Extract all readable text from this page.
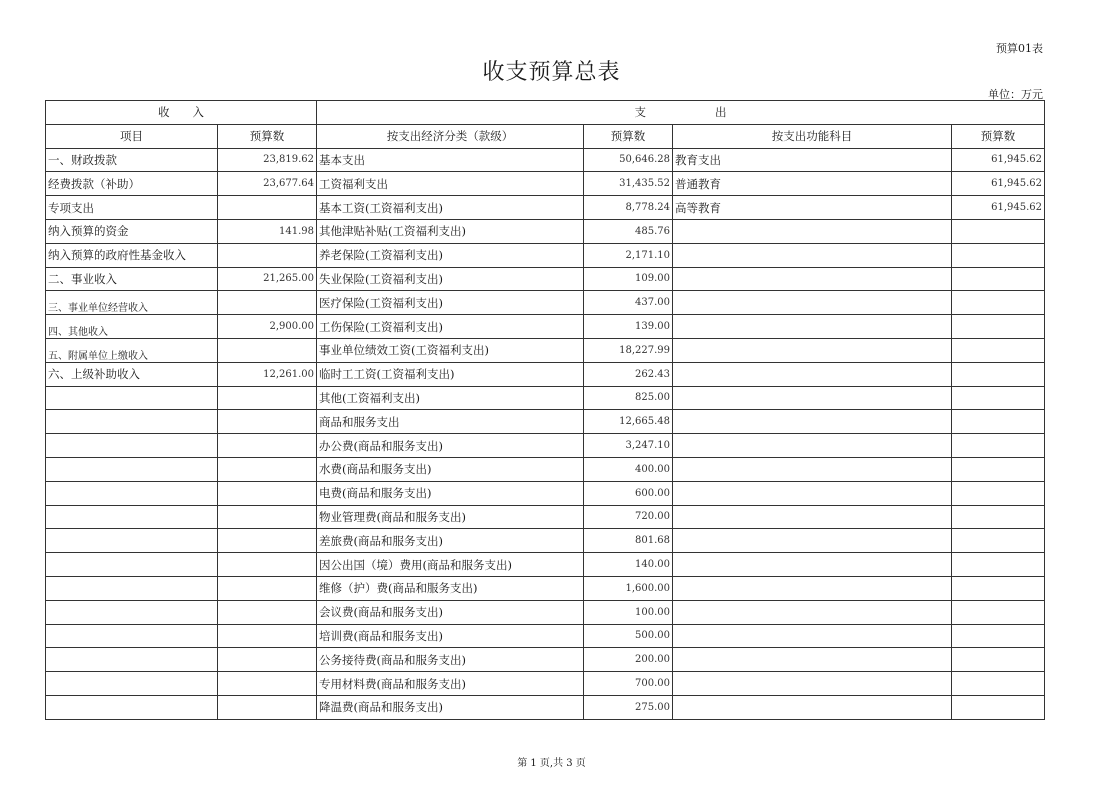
预算01表
收支预算总表
单位：万元
收　　入		支　　　　　　出			
项目	预算数	按支出经济分类（款级）	预算数	按支出功能科目	预算数
一、财政拨款	23,819.62	基本支出	50,646.28	教育支出	61,945.62
经费拨款（补助）	23,677.64	工资福利支出	31,435.52	普通教育	61,945.62
专项支出		基本工资(工资福利支出)	8,778.24	高等教育	61,945.62
纳入预算的资金	141.98	其他津贴补贴(工资福利支出)	485.76		
纳入预算的政府性基金收入		养老保险(工资福利支出)	2,171.10		
二、事业收入	21,265.00	失业保险(工资福利支出)	109.00		
三、事业单位经营收入		医疗保险(工资福利支出)	437.00		
四、其他收入	2,900.00	工伤保险(工资福利支出)	139.00		
五、附属单位上缴收入		事业单位绩效工资(工资福利支出)	18,227.99		
六、上级补助收入	12,261.00	临时工工资(工资福利支出)	262.43		
		其他(工资福利支出)	825.00		
		商品和服务支出	12,665.48		
		办公费(商品和服务支出)	3,247.10		
		水费(商品和服务支出)	400.00		
		电费(商品和服务支出)	600.00		
		物业管理费(商品和服务支出)	720.00		
		差旅费(商品和服务支出)	801.68		
		因公出国（境）费用(商品和服务支出)	140.00		
		维修（护）费(商品和服务支出)	1,600.00		
		会议费(商品和服务支出)	100.00		
		培训费(商品和服务支出)	500.00		
		公务接待费(商品和服务支出)	200.00		
		专用材料费(商品和服务支出)	700.00		
		降温费(商品和服务支出)	275.00		
第 1 页,共 3 页
